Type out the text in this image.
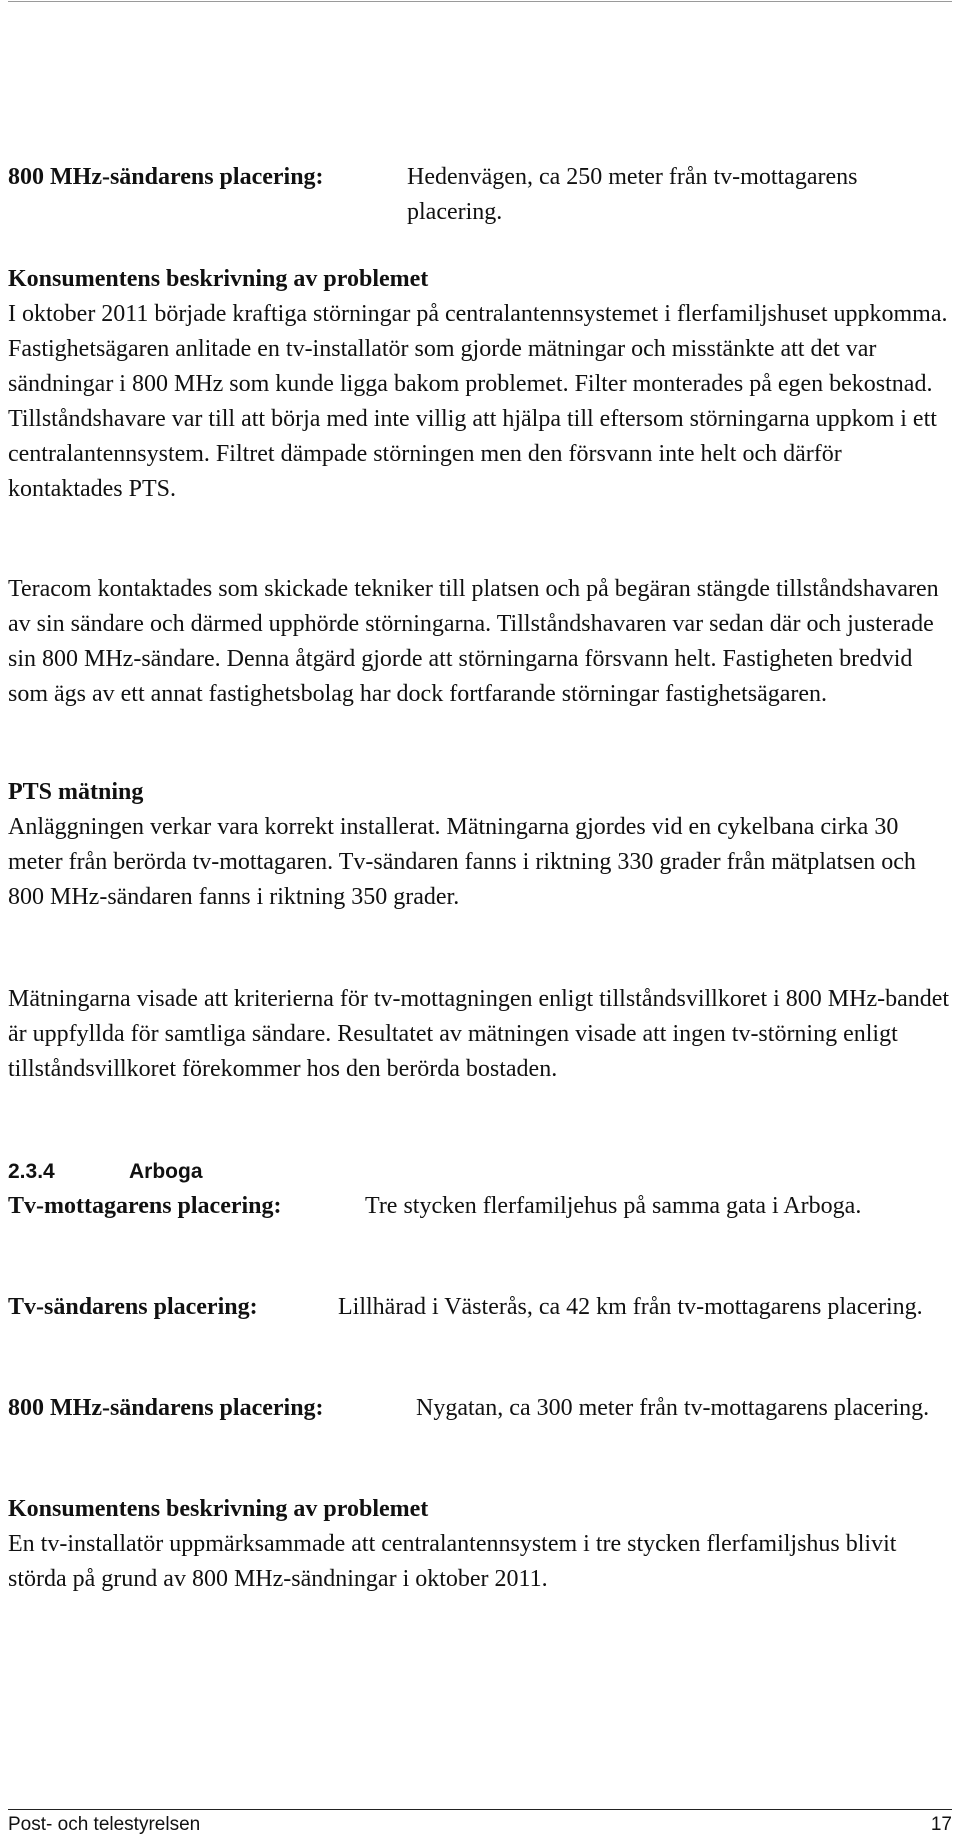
800 MHz-sändarens placering:	Hedenvägen, ca 250 meter från tv-mottagarens placering.
Konsumentens beskrivning av problemet
I oktober 2011 började kraftiga störningar på centralantennsystemet i flerfamiljshuset uppkomma. Fastighetsägaren anlitade en tv-installatör som gjorde mätningar och misstänkte att det var sändningar i 800 MHz som kunde ligga bakom problemet. Filter monterades på egen bekostnad. Tillståndshavare var till att börja med inte villig att hjälpa till eftersom störningarna uppkom i ett centralantennsystem. Filtret dämpade störningen men den försvann inte helt och därför kontaktades PTS.
Teracom kontaktades som skickade tekniker till platsen och på begäran stängde tillståndshavaren av sin sändare och därmed upphörde störningarna. Tillståndshavaren var sedan där och justerade sin 800 MHz-sändare. Denna åtgärd gjorde att störningarna försvann helt. Fastigheten bredvid som ägs av ett annat fastighetsbolag har dock fortfarande störningar fastighetsägaren.
PTS mätning
Anläggningen verkar vara korrekt installerat. Mätningarna gjordes vid en cykelbana cirka 30 meter från berörda tv-mottagaren. Tv-sändaren fanns i riktning 330 grader från mätplatsen och 800 MHz-sändaren fanns i riktning 350 grader.
Mätningarna visade att kriterierna för tv-mottagningen enligt tillståndsvillkoret i 800 MHz-bandet är uppfyllda för samtliga sändare. Resultatet av mätningen visade att ingen tv-störning enligt tillståndsvillkoret förekommer hos den berörda bostaden.
2.3.4	Arboga
Tv-mottagarens placering:	Tre stycken flerfamiljehus på samma gata i Arboga.
Tv-sändarens placering:	Lillhärad i Västerås, ca 42 km från tv-mottagarens placering.
800 MHz-sändarens placering:	Nygatan, ca 300 meter från tv-mottagarens placering.
Konsumentens beskrivning av problemet
En tv-installatör uppmärksammade att centralantennsystem i tre stycken flerfamiljshus blivit störda på grund av 800 MHz-sändningar i oktober 2011.
Post- och telestyrelsen	17
